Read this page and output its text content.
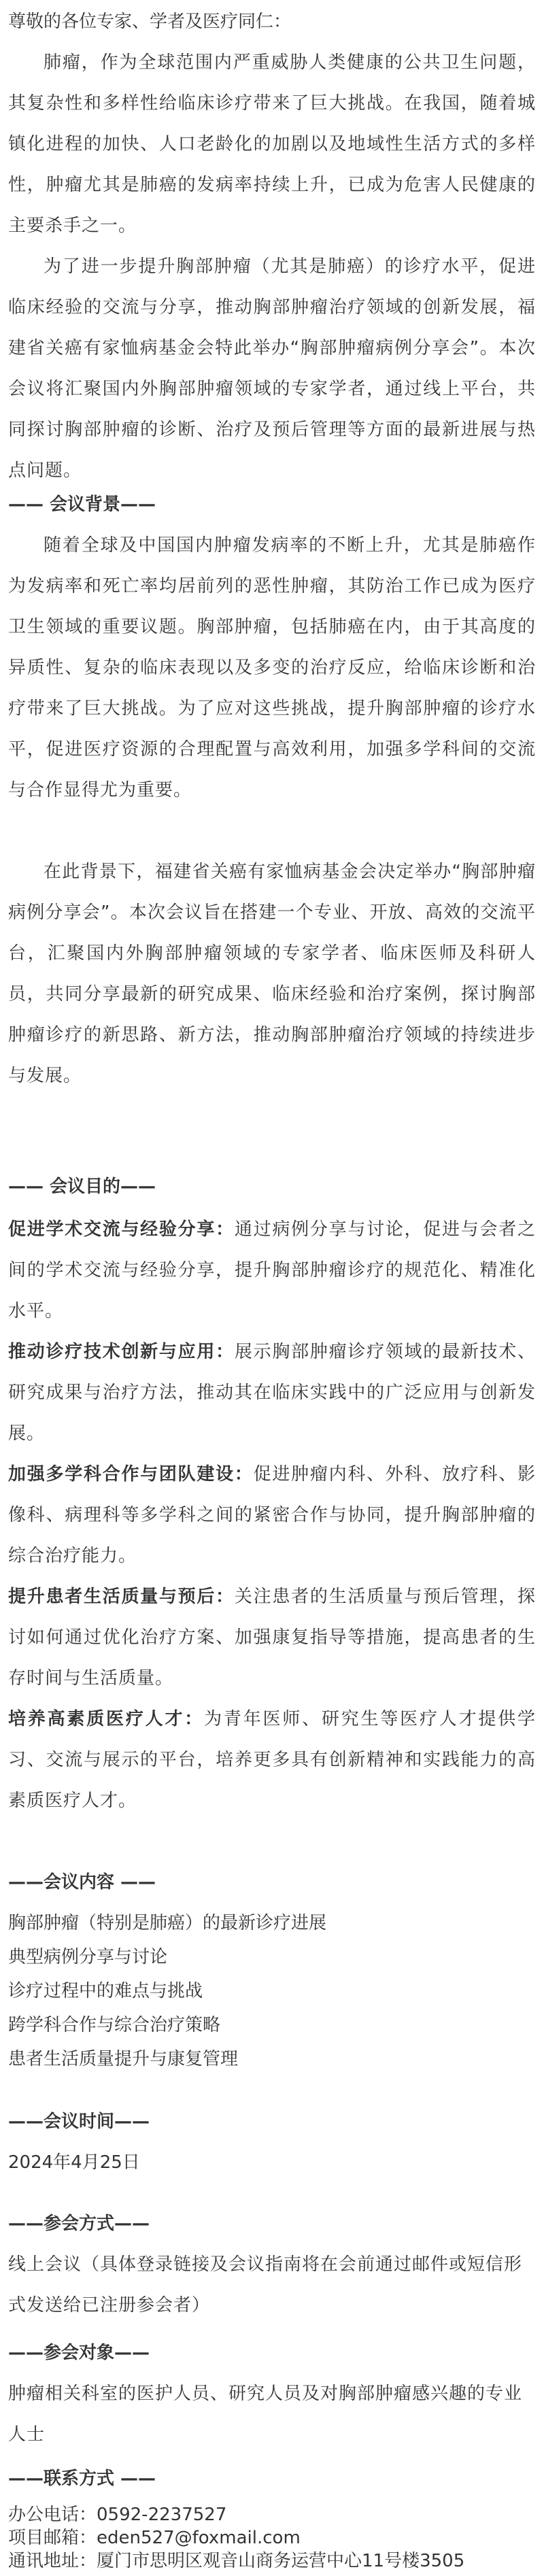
尊敬的各位专家、学者及医疗同仁：

肺瘤，作为全球范围内严重威胁人类健康的公共卫生问题，其复杂性和多样性给临床诊疗带来了巨大挑战。在我国，随着城镇化进程的加快、人口老龄化的加剧以及地域性生活方式的多样性，肿瘤尤其是肺癌的发病率持续上升，已成为危害人民健康的主要杀手之一。

为了进一步提升胸部肿瘤（尤其是肺癌）的诊疗水平，促进临床经验的交流与分享，推动胸部肿瘤治疗领域的创新发展，福建省关癌有家恤病基金会特此举办“胸部肿瘤病例分享会”。本次会议将汇聚国内外胸部肿瘤领域的专家学者，通过线上平台，共同探讨胸部肿瘤的诊断、治疗及预后管理等方面的最新进展与热点问题。

—— 会议背景——

随着全球及中国国内肿瘤发病率的不断上升，尤其是肺癌作为发病率和死亡率均居前列的恶性肿瘤，其防治工作已成为医疗卫生领域的重要议题。胸部肿瘤，包括肺癌在内，由于其高度的异质性、复杂的临床表现以及多变的治疗反应，给临床诊断和治疗带来了巨大挑战。为了应对这些挑战，提升胸部肿瘤的诊疗水平，促进医疗资源的合理配置与高效利用，加强多学科间的交流与合作显得尤为重要。

在此背景下，福建省关癌有家恤病基金会决定举办“胸部肿瘤病例分享会”。本次会议旨在搭建一个专业、开放、高效的交流平台，汇聚国内外胸部肿瘤领域的专家学者、临床医师及科研人员，共同分享最新的研究成果、临床经验和治疗案例，探讨胸部肿瘤诊疗的新思路、新方法，推动胸部肿瘤治疗领域的持续进步与发展。

—— 会议目的——

促进学术交流与经验分享：通过病例分享与讨论，促进与会者之间的学术交流与经验分享，提升胸部肿瘤诊疗的规范化、精准化水平。

推动诊疗技术创新与应用：展示胸部肿瘤诊疗领域的最新技术、研究成果与治疗方法，推动其在临床实践中的广泛应用与创新发展。

加强多学科合作与团队建设：促进肿瘤内科、外科、放疗科、影像科、病理科等多学科之间的紧密合作与协同，提升胸部肿瘤的综合治疗能力。

提升患者生活质量与预后：关注患者的生活质量与预后管理，探讨如何通过优化治疗方案、加强康复指导等措施，提高患者的生存时间与生活质量。

培养高素质医疗人才：为青年医师、研究生等医疗人才提供学习、交流与展示的平台，培养更多具有创新精神和实践能力的高素质医疗人才。

——会议内容 ——

胸部肿瘤（特别是肺癌）的最新诊疗进展

典型病例分享与讨论

诊疗过程中的难点与挑战

跨学科合作与综合治疗策略

患者生活质量提升与康复管理

——会议时间——

2024年4月25日

——参会方式——

线上会议（具体登录链接及会议指南将在会前通过邮件或短信形式发送给已注册参会者）

——参会对象——

肿瘤相关科室的医护人员、研究人员及对胸部肿瘤感兴趣的专业人士

——联系方式 ——

办公电话：0592-2237527

项目邮箱：eden527@foxmail.com

通讯地址：厦门市思明区观音山商务运营中心11号楼3505
